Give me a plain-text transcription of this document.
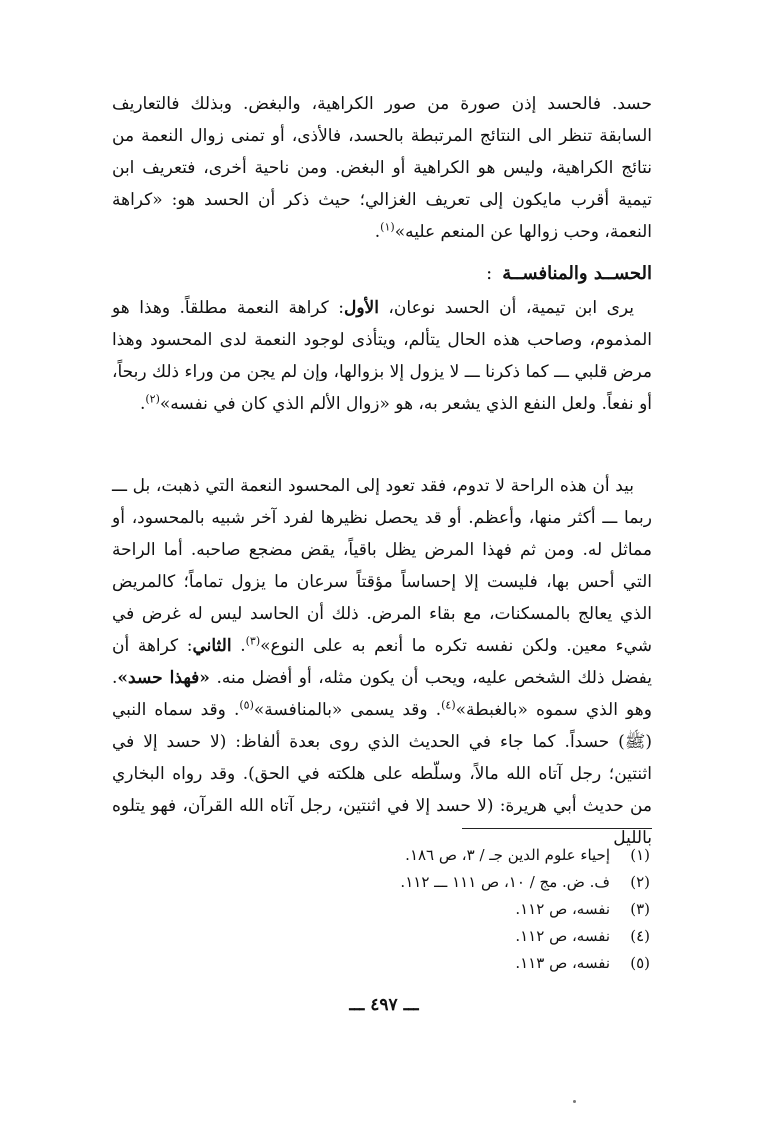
حسد. فالحسد إذن صورة من صور الكراهية، والبغض. وبذلك فالتعاريف السابقة تنظر الى النتائج المرتبطة بالحسد، فالأذى، أو تمنى زوال النعمة من نتائج الكراهية، وليس هو الكراهية أو البغض. ومن ناحية أخرى، فتعريف ابن تيمية أقرب مايكون إلى تعريف الغزالي؛ حيث ذكر أن الحسد هو: «كراهة النعمة، وحب زوالها عن المنعم عليه»$^{(١)}$.

الحســد والمنافســة:

يرى ابن تيمية، أن الحسد نوعان، الأول: كراهة النعمة مطلقاً. وهذا هو المذموم، وصاحب هذه الحال يتألم، ويتأذى لوجود النعمة لدى المحسود وهذا مرض قلبي ـــ كما ذكرنا ـــ لا يزول إلا بزوالها، وإن لم يجن من وراء ذلك ربحاً، أو نفعاً. ولعل النفع الذي يشعر به، هو «زوال الألم الذي كان في نفسه»$^{(٢)}$.

بيد أن هذه الراحة لا تدوم، فقد تعود إلى المحسود النعمة التي ذهبت، بل ـــ ربما ـــ أكثر منها، وأعظم. أو قد يحصل نظيرها لفرد آخر شبيه بالمحسود، أو مماثل له. ومن ثم فهذا المرض يظل باقياً، يقض مضجع صاحبه. أما الراحة التي أحس بها، فليست إلا إحساساً مؤقتاً سرعان ما يزول تماماً؛ كالمريض الذي يعالج بالمسكنات، مع بقاء المرض. ذلك أن الحاسد ليس له غرض في شيء معين. ولكن نفسه تكره ما أنعم به على النوع»$^{(٣)}$. الثاني: كراهة أن يفضل ذلك الشخص عليه، ويحب أن يكون مثله، أو أفضل منه. «فهذا حسد». وهو الذي سموه «بالغبطة»$^{(٤)}$. وقد يسمى «بالمنافسة»$^{(٥)}$. وقد سماه النبي (ﷺ) حسداً. كما جاء في الحديث الذي روى بعدة ألفاظ: (لا حسد إلا في اثنتين؛ رجل آتاه الله مالاً، وسلّطه على هلكته في الحق). وقد رواه البخاري من حديث أبي هريرة: (لا حسد إلا في اثنتين، رجل آتاه الله القرآن، فهو يتلوه بالليل

(١)إحياء علوم الدين جـ / ٣، ص ١٨٦.
(٢)ف. ض. مج / ١٠، ص ١١١ ـــ ١١٢.
(٣)نفسه، ص ١١٢.
(٤)نفسه، ص ١١٢.
(٥)نفسه، ص ١١٣.
ـــ ٤٩٧ ـــ
